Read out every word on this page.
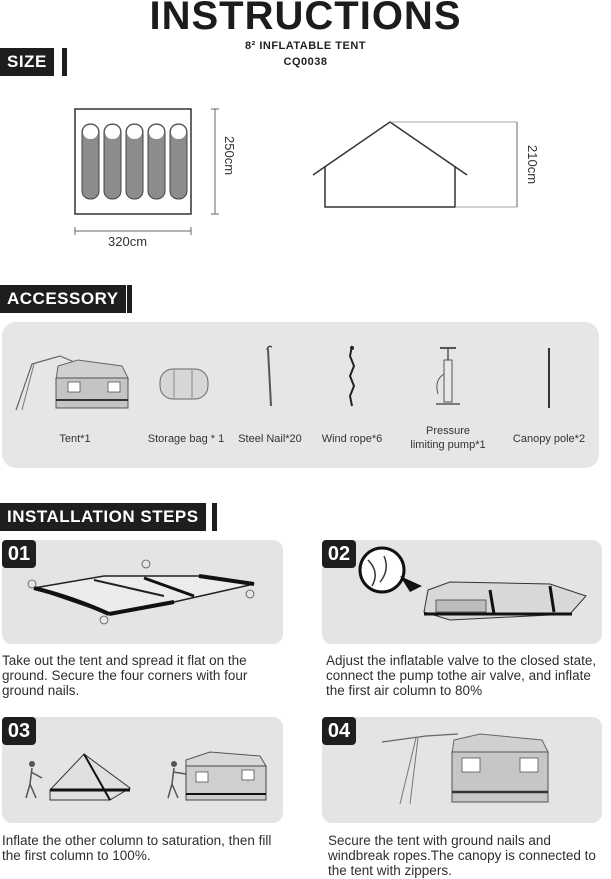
INSTRUCTIONS
8² INFLATABLE TENT
CQ0038
SIZE
320cm
250cm	210cm
ACCESSORY
Tent*1	Storage bag * 1	Steel Nail*20	Wind rope*6
Pressure
limiting pump*1	Canopy pole*2
INSTALLATION STEPS
01
Take out the tent and spread it flat on the ground. Secure the four corners with four ground nails.
02
Adjust the inflatable valve to the closed state, connect the pump tothe air valve, and inflate the first air column to 80%
03
Inflate the other column to saturation, then fill the first column to 100%.
04
Secure the tent with ground nails and windbreak ropes.The canopy is connected to the tent with zippers.
